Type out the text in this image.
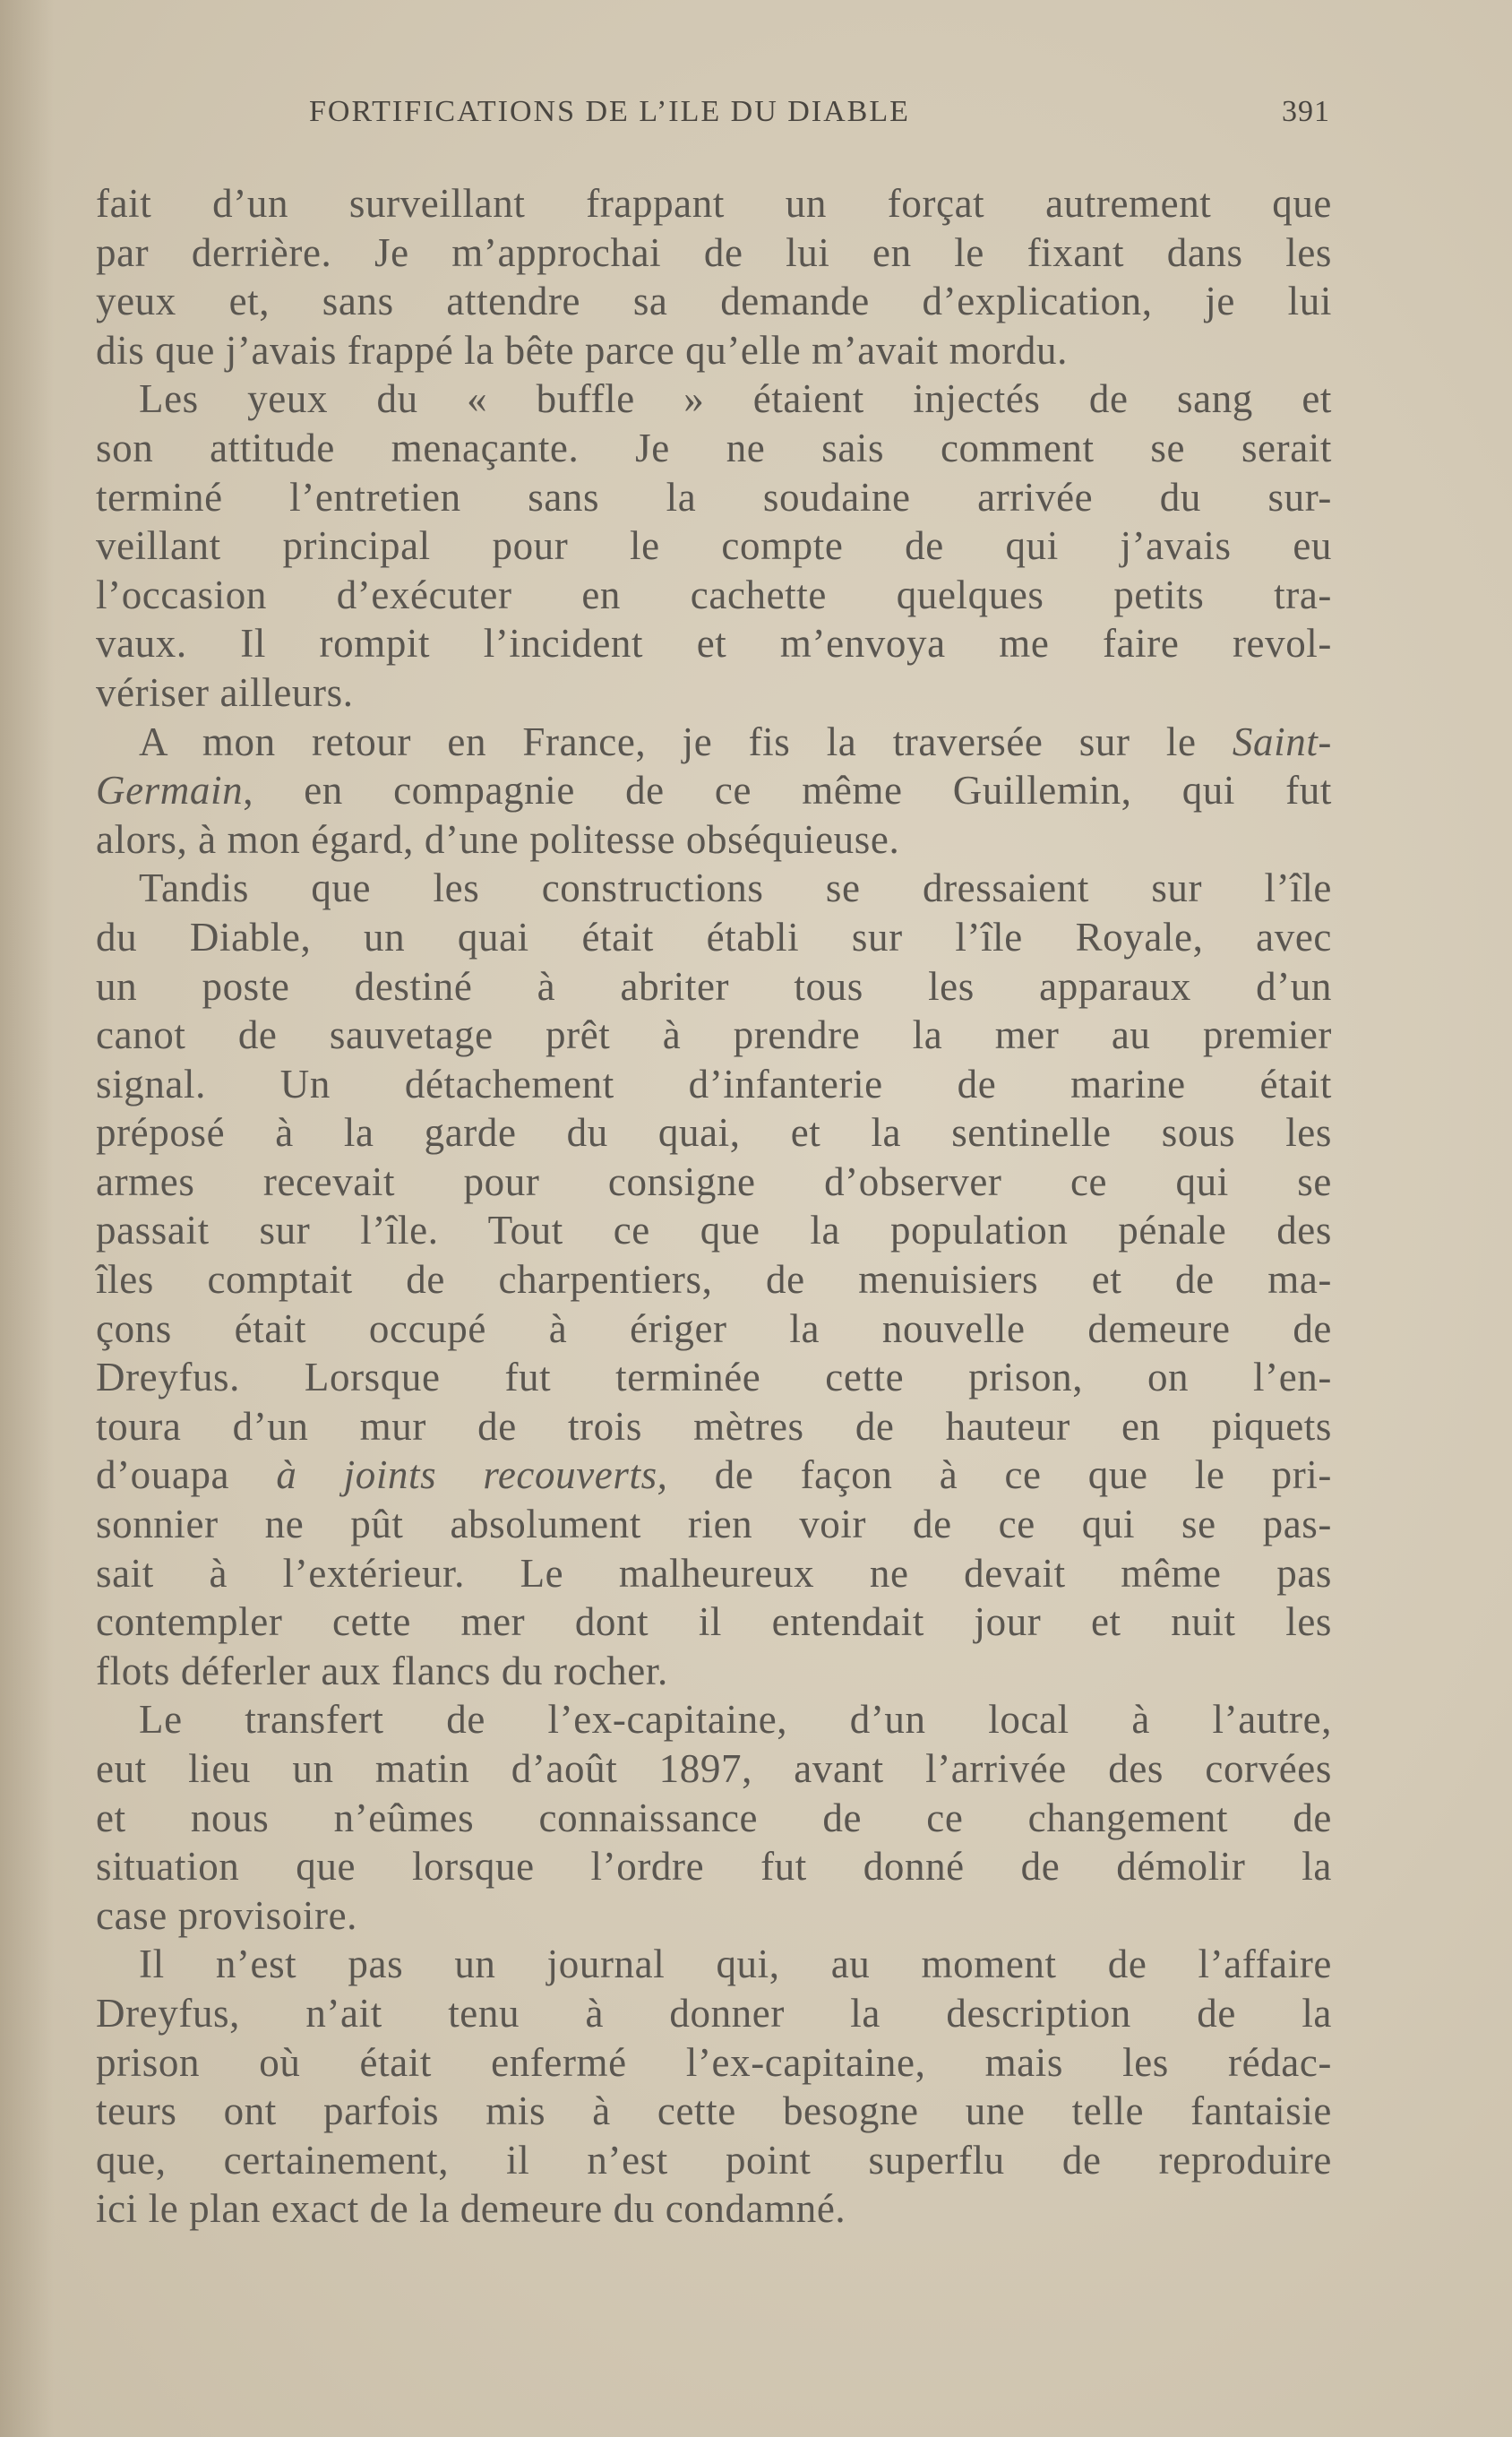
FORTIFICATIONS DE L’ILE DU DIABLE	391
fait d’un surveillant frappant un forçat autrement que
par derrière. Je m’approchai de lui en le fixant dans les
yeux et, sans attendre sa demande d’explication, je lui
dis que j’avais frappé la bête parce qu’elle m’avait mordu.
Les yeux du « buffle » étaient injectés de sang et
son attitude menaçante. Je ne sais comment se serait
terminé l’entretien sans la soudaine arrivée du sur-
veillant principal pour le compte de qui j’avais eu
l’occasion d’exécuter en cachette quelques petits tra-
vaux. Il rompit l’incident et m’envoya me faire revol-
vériser ailleurs.
A mon retour en France, je fis la traversée sur le Saint-
Germain, en compagnie de ce même Guillemin, qui fut
alors, à mon égard, d’une politesse obséquieuse.
Tandis que les constructions se dressaient sur l’île
du Diable, un quai était établi sur l’île Royale, avec
un poste destiné à abriter tous les apparaux d’un
canot de sauvetage prêt à prendre la mer au premier
signal. Un détachement d’infanterie de marine était
préposé à la garde du quai, et la sentinelle sous les
armes recevait pour consigne d’observer ce qui se
passait sur l’île. Tout ce que la population pénale des
îles comptait de charpentiers, de menuisiers et de ma-
çons était occupé à ériger la nouvelle demeure de
Dreyfus. Lorsque fut terminée cette prison, on l’en-
toura d’un mur de trois mètres de hauteur en piquets
d’ouapa à joints recouverts, de façon à ce que le pri-
sonnier ne pût absolument rien voir de ce qui se pas-
sait à l’extérieur. Le malheureux ne devait même pas
contempler cette mer dont il entendait jour et nuit les
flots déferler aux flancs du rocher.
Le transfert de l’ex-capitaine, d’un local à l’autre,
eut lieu un matin d’août 1897, avant l’arrivée des corvées
et nous n’eûmes connaissance de ce changement de
situation que lorsque l’ordre fut donné de démolir la
case provisoire.
Il n’est pas un journal qui, au moment de l’affaire
Dreyfus, n’ait tenu à donner la description de la
prison où était enfermé l’ex-capitaine, mais les rédac-
teurs ont parfois mis à cette besogne une telle fantaisie
que, certainement, il n’est point superflu de reproduire
ici le plan exact de la demeure du condamné.
